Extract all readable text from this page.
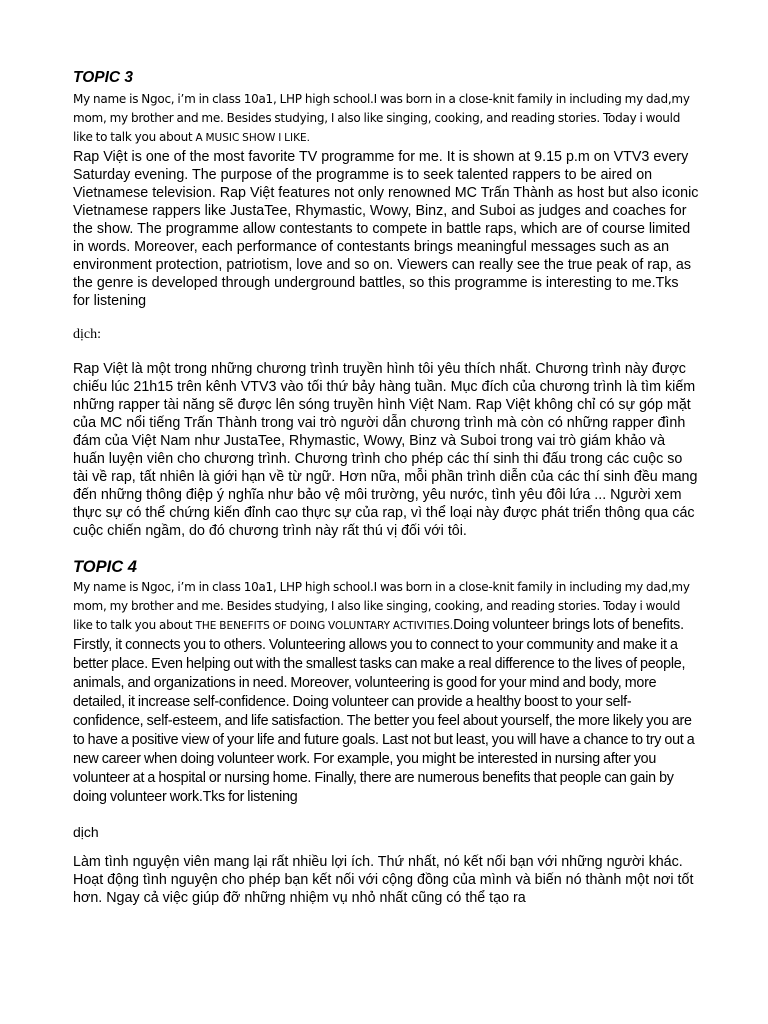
TOPIC 3

My name is Ngoc, i’m in class 10a1, LHP high school.I was born in a close-knit family in including my dad,my mom, my brother and me. Besides studying, I also like singing, cooking, and reading stories. Today i would like to talk you about A MUSIC SHOW I LIKE.

Rap Việt is one of the most favorite TV programme for me. It is shown at 9.15 p.m on VTV3 every Saturday evening. The purpose of the programme is to seek talented rappers to be aired on Vietnamese television. Rap Việt features not only renowned MC Trấn Thành as host but also iconic Vietnamese rappers like JustaTee, Rhymastic, Wowy, Binz, and Suboi as judges and coaches for the show. The programme allow contestants to compete in battle raps, which are of course limited in words. Moreover, each performance of contestants brings meaningful messages such as an environment protection, patriotism, love and so on. Viewers can really see the true peak of rap, as the genre is developed through underground battles, so this programme is interesting to me.Tks for listening

dịch:

Rap Việt là một trong những chương trình truyền hình tôi yêu thích nhất. Chương trình này được chiếu lúc 21h15 trên kênh VTV3 vào tối thứ bảy hàng tuần. Mục đích của chương trình là tìm kiếm những rapper tài năng sẽ được lên sóng truyền hình Việt Nam. Rap Việt không chỉ có sự góp mặt của MC nổi tiếng Trấn Thành trong vai trò người dẫn chương trình mà còn có những rapper đình đám của Việt Nam như JustaTee, Rhymastic, Wowy, Binz và Suboi trong vai trò giám khảo và huấn luyện viên cho chương trình. Chương trình cho phép các thí sinh thi đấu trong các cuộc so tài về rap, tất nhiên là giới hạn về từ ngữ. Hơn nữa, mỗi phần trình diễn của các thí sinh đều mang đến những thông điệp ý nghĩa như bảo vệ môi trường, yêu nước, tình yêu đôi lứa ... Người xem thực sự có thể chứng kiến đỉnh cao thực sự của rap, vì thể loại này được phát triển thông qua các cuộc chiến ngầm, do đó chương trình này rất thú vị đối với tôi.

TOPIC 4

My name is Ngoc, i’m in class 10a1, LHP high school.I was born in a close-knit family in including my dad,my mom, my brother and me. Besides studying, I also like singing, cooking, and reading stories. Today i would like to talk you about THE BENEFITS OF DOING VOLUNTARY ACTIVITIES.Doing volunteer brings lots of benefits. Firstly, it connects you to others. Volunteering allows you to connect to your community and make it a better place. Even helping out with the smallest tasks can make a real difference to the lives of people, animals, and organizations in need. Moreover, volunteering is good for your mind and body, more detailed, it increase self-confidence. Doing volunteer can provide a healthy boost to your self-confidence, self-esteem, and life satisfaction. The better you feel about yourself, the more likely you are to have a positive view of your life and future goals. Last not but least, you will have a chance to try out a new career when doing volunteer work. For example, you might be interested in nursing after you volunteer at a hospital or nursing home. Finally, there are numerous benefits that people can gain by doing volunteer work.Tks for listening

dịch

Làm tình nguyện viên mang lại rất nhiều lợi ích. Thứ nhất, nó kết nối bạn với những người khác. Hoạt động tình nguyện cho phép bạn kết nối với cộng đồng của mình và biến nó thành một nơi tốt hơn. Ngay cả việc giúp đỡ những nhiệm vụ nhỏ nhất cũng có thể tạo ra
